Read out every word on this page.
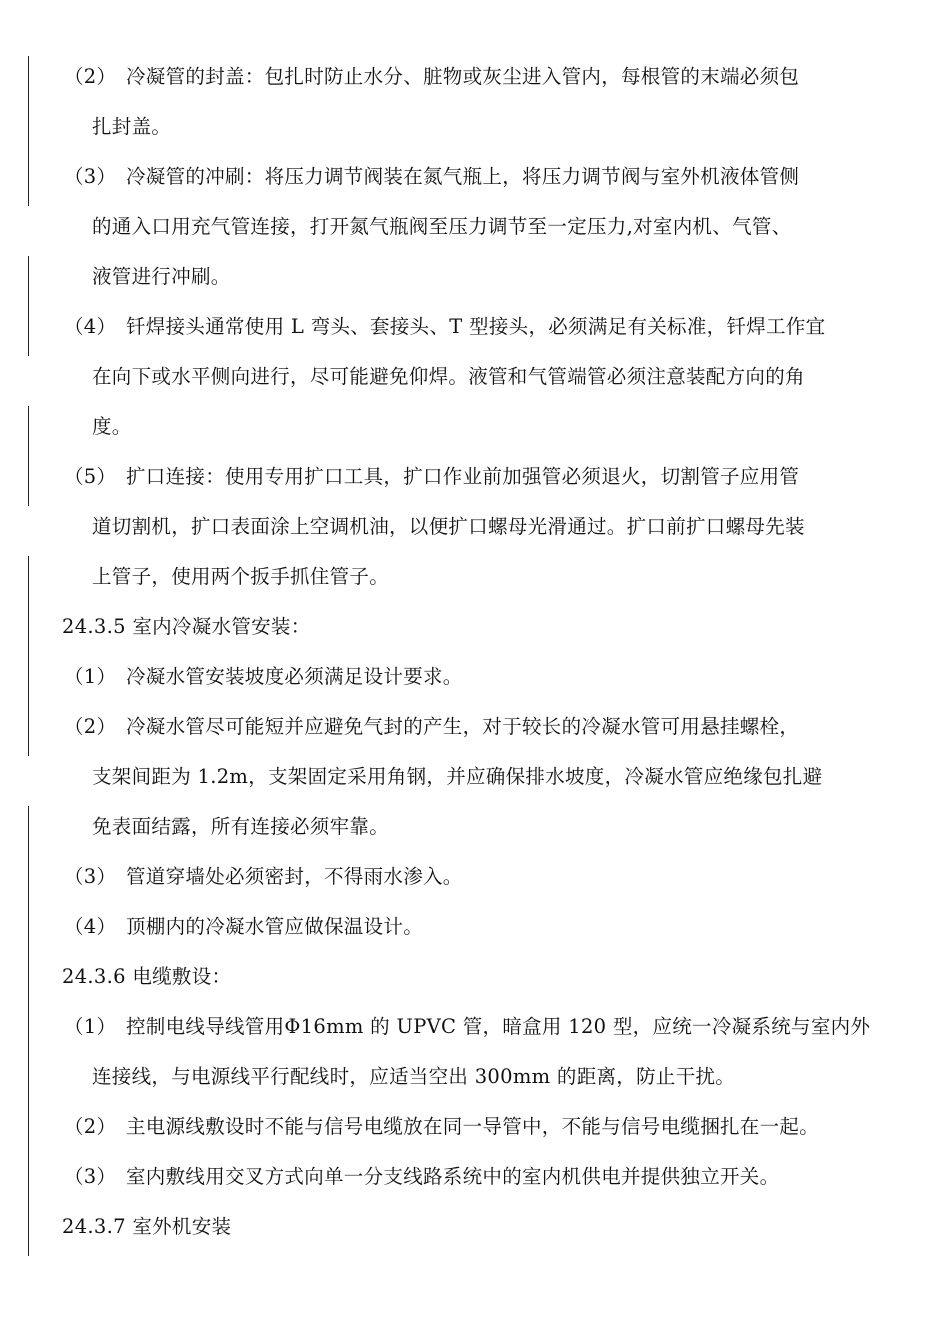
（2） 冷凝管的封盖：包扎时防止水分、脏物或灰尘进入管内，每根管的末端必须包
扎封盖。
（3） 冷凝管的冲刷：将压力调节阀装在氮气瓶上，将压力调节阀与室外机液体管侧
的通入口用充气管连接，打开氮气瓶阀至压力调节至一定压力,对室内机、气管、
液管进行冲刷。
（4） 钎焊接头通常使用 L 弯头、套接头、T 型接头，必须满足有关标准，钎焊工作宜
在向下或水平侧向进行，尽可能避免仰焊。液管和气管端管必须注意装配方向的角
度。
（5） 扩口连接：使用专用扩口工具，扩口作业前加强管必须退火，切割管子应用管
道切割机，扩口表面涂上空调机油，以便扩口螺母光滑通过。扩口前扩口螺母先装
上管子，使用两个扳手抓住管子。
24.3.5 室内冷凝水管安装：
（1） 冷凝水管安装坡度必须满足设计要求。
（2） 冷凝水管尽可能短并应避免气封的产生，对于较长的冷凝水管可用悬挂螺栓，
支架间距为 1.2m，支架固定采用角钢，并应确保排水坡度，冷凝水管应绝缘包扎避
免表面结露，所有连接必须牢靠。
（3） 管道穿墙处必须密封，不得雨水渗入。
（4） 顶棚内的冷凝水管应做保温设计。
24.3.6 电缆敷设：
（1） 控制电线导线管用Φ16mm 的 UPVC 管，暗盒用 120 型，应统一冷凝系统与室内外
连接线，与电源线平行配线时，应适当空出 300mm 的距离，防止干扰。
（2） 主电源线敷设时不能与信号电缆放在同一导管中，不能与信号电缆捆扎在一起。
（3） 室内敷线用交叉方式向单一分支线路系统中的室内机供电并提供独立开关。
24.3.7 室外机安装
